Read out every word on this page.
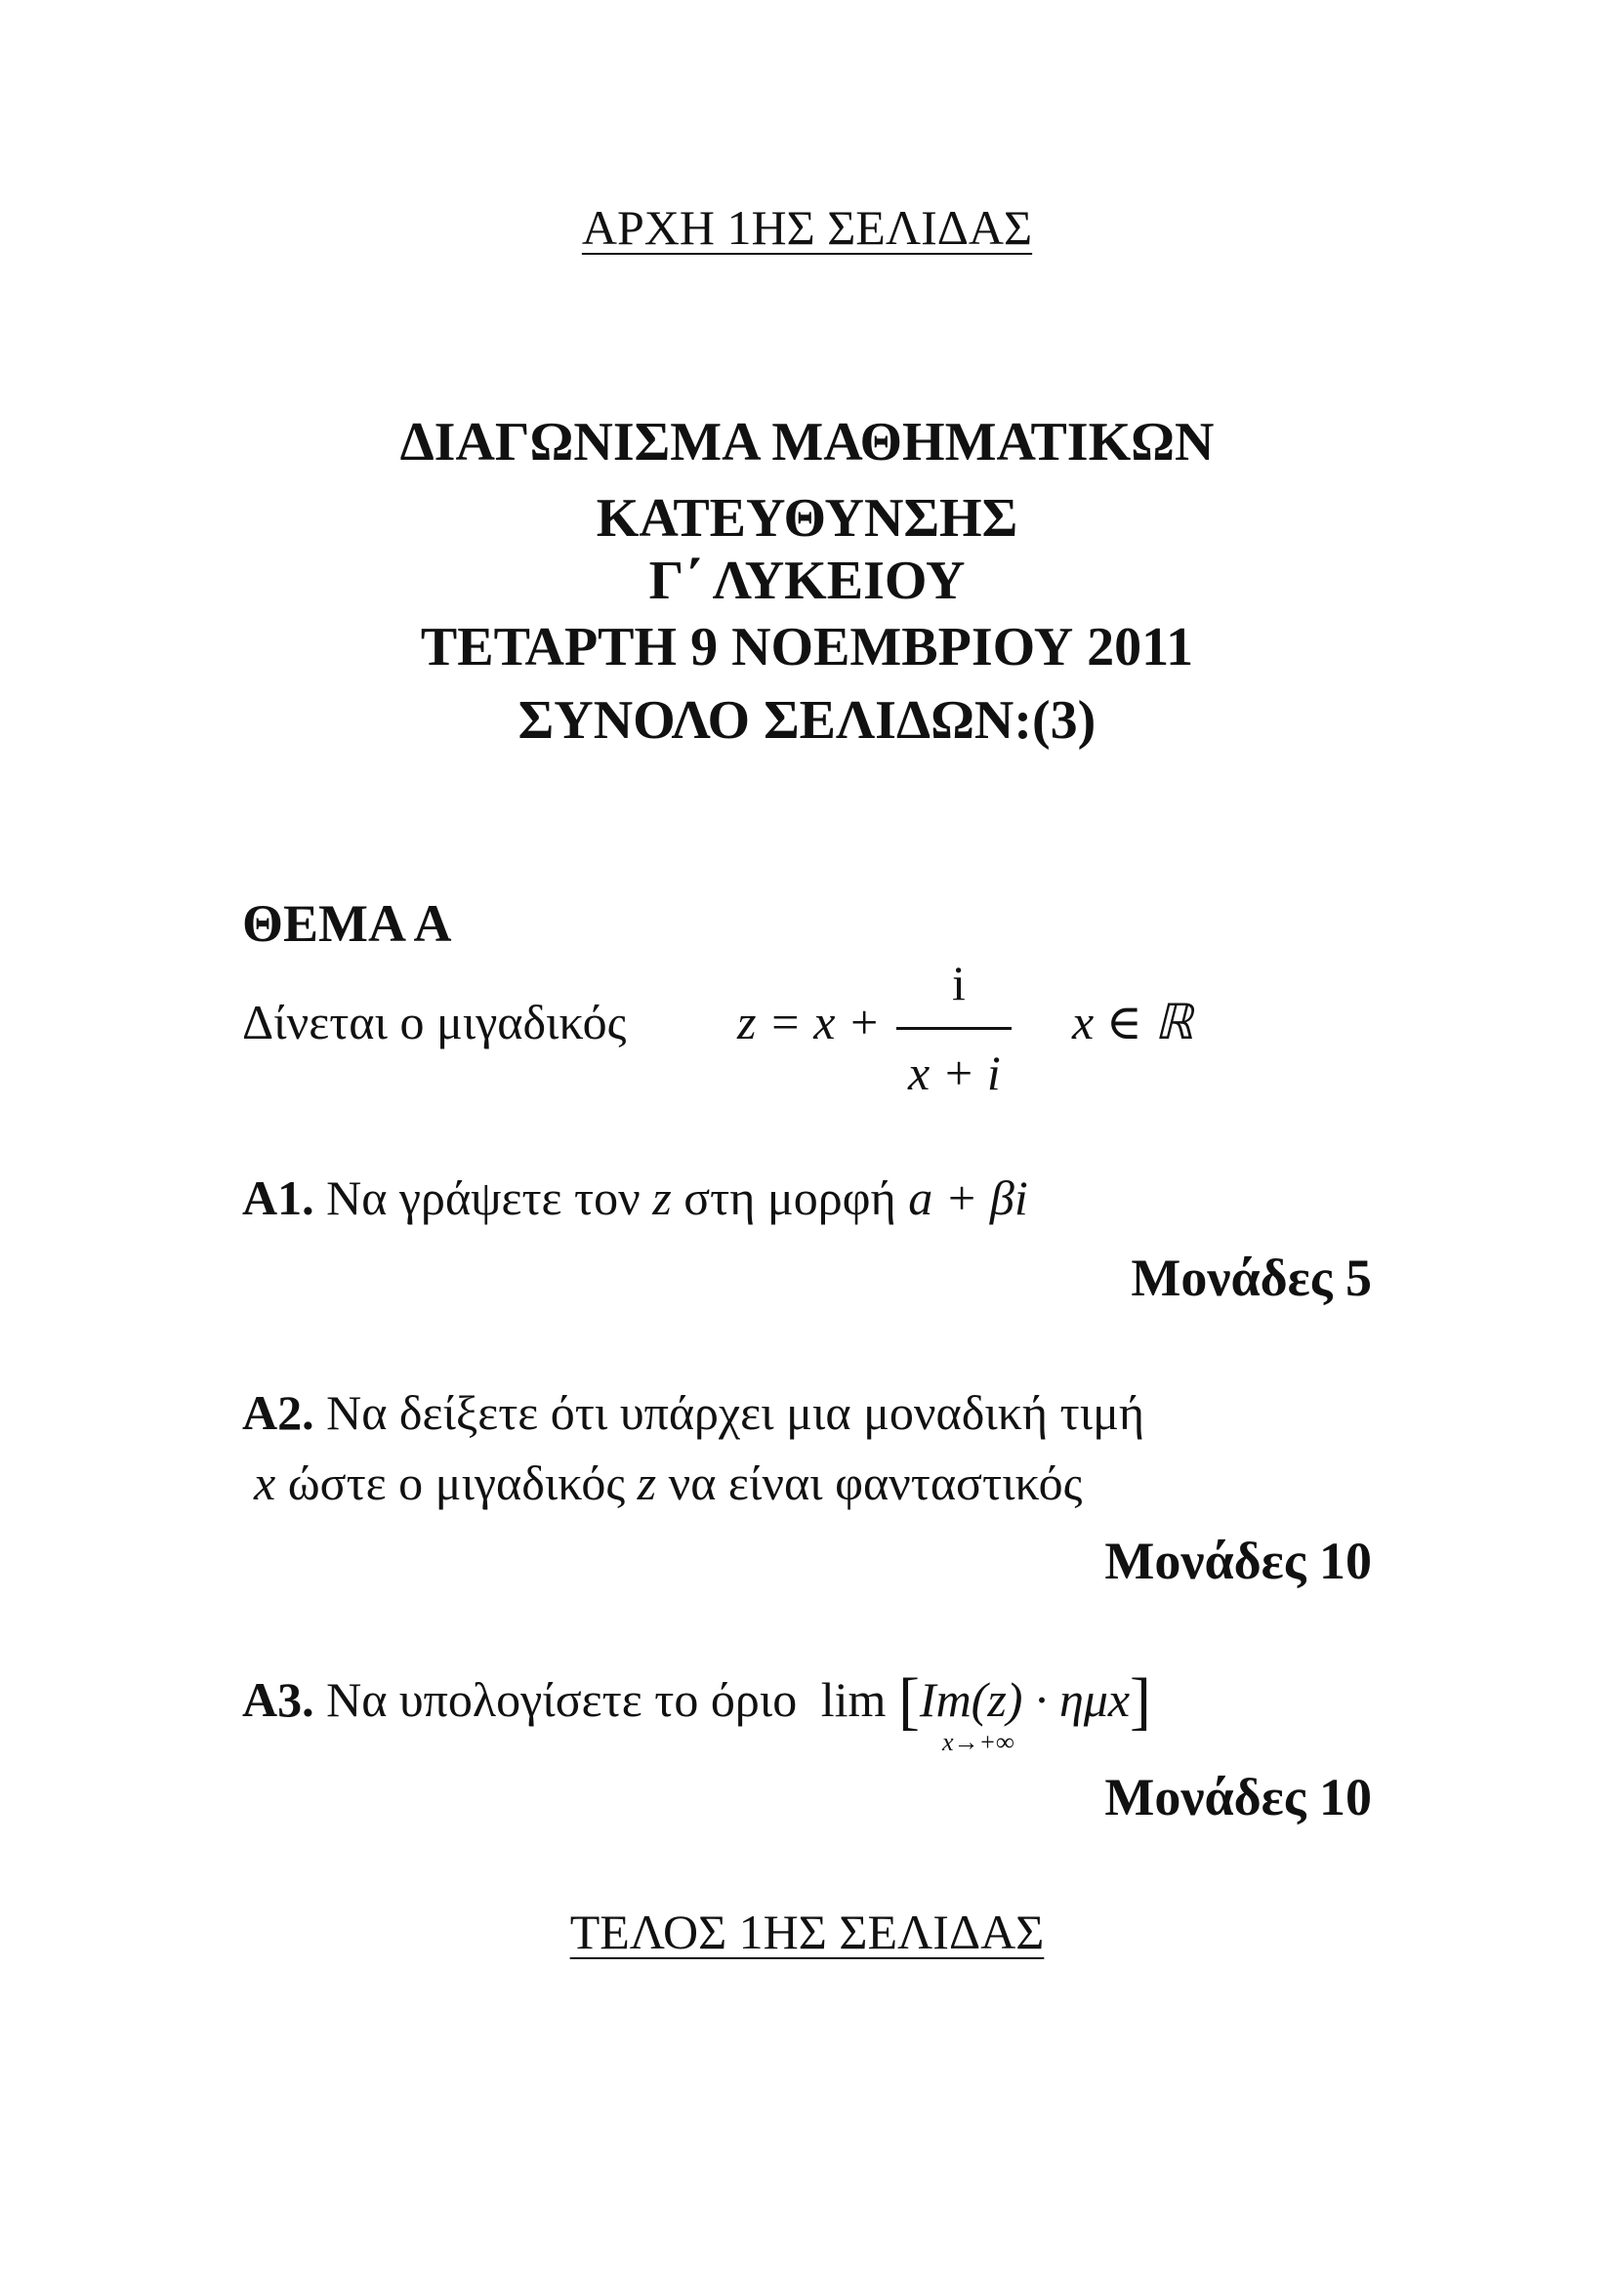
ΑΡΧΗ 1ΗΣ ΣΕΛΙΔΑΣ
ΔΙΑΓΩΝΙΣΜΑ ΜΑΘΗΜΑΤΙΚΩΝ
ΚΑΤΕΥΘΥΝΣΗΣ
Γ΄ ΛΥΚΕΙΟΥ
ΤΕΤΑΡΤΗ 9 ΝΟΕΜΒΡΙΟΥ 2011
ΣΥΝΟΛΟ ΣΕΛΙΔΩΝ:(3)
ΘΕΜΑ Α
Δίνεται ο μιγαδικός z = x +
i
x + i
x ∈ ℝ
Α1. Να γράψετε τον z στη μορφή a + βi
Μονάδες 5
Α2. Να δείξετε ότι υπάρχει μια μοναδική τιμή
x ώστε ο μιγαδικός z να είναι φανταστικός
Μονάδες 10
Α3. Να υπολογίσετε το όριο lim [Im(z) · ημx]
x→+∞
Μονάδες 10
ΤΕΛΟΣ 1ΗΣ ΣΕΛΙΔΑΣ
